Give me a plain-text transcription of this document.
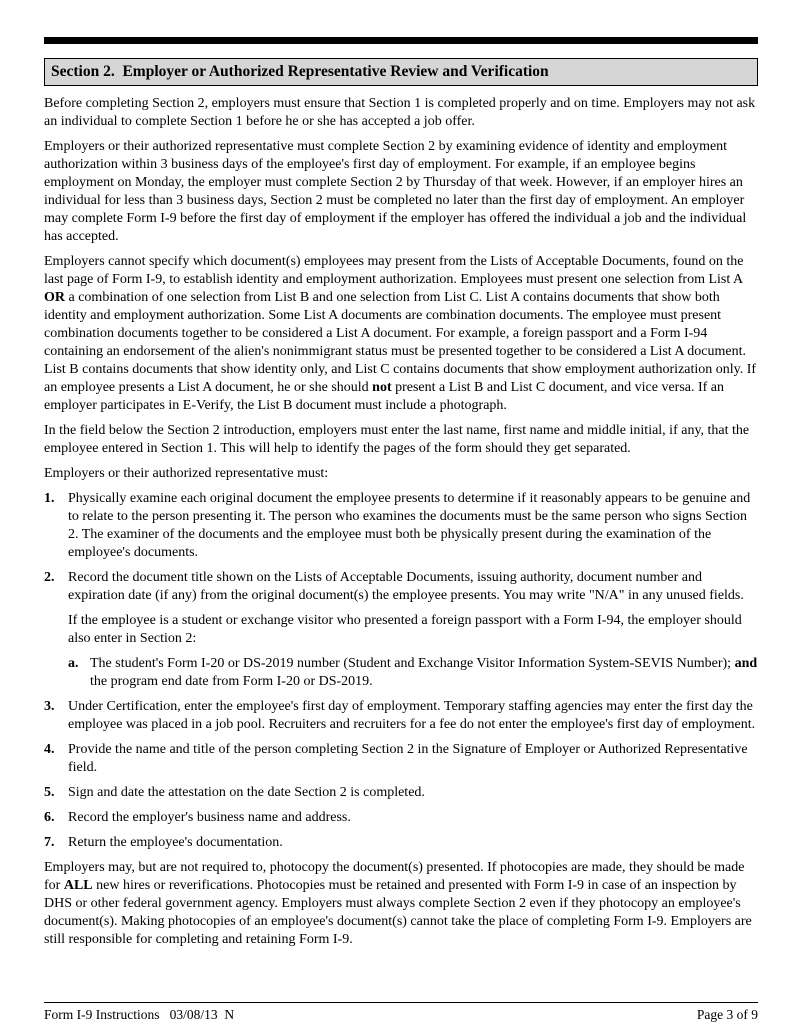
Section 2.  Employer or Authorized Representative Review and Verification

Before completing Section 2, employers must ensure that Section 1 is completed properly and on time. Employers may not ask an individual to complete Section 1 before he or she has accepted a job offer.

Employers or their authorized representative must complete Section 2 by examining evidence of identity and employment authorization within 3 business days of the employee's first day of employment. For example, if an employee begins employment on Monday, the employer must complete Section 2 by Thursday of that week. However, if an employer hires an individual for less than 3 business days, Section 2 must be completed no later than the first day of employment. An employer may complete Form I-9 before the first day of employment if the employer has offered the individual a job and the individual has accepted.

Employers cannot specify which document(s) employees may present from the Lists of Acceptable Documents, found on the last page of Form I-9, to establish identity and employment authorization. Employees must present one selection from List A OR a combination of one selection from List B and one selection from List C. List A contains documents that show both identity and employment authorization. Some List A documents are combination documents. The employee must present combination documents together to be considered a List A document. For example, a foreign passport and a Form I-94 containing an endorsement of the alien's nonimmigrant status must be presented together to be considered a List A document. List B contains documents that show identity only, and List C contains documents that show employment authorization only. If an employee presents a List A document, he or she should not present a List B and List C document, and vice versa. If an employer participates in E-Verify, the List B document must include a photograph.

In the field below the Section 2 introduction, employers must enter the last name, first name and middle initial, if any, that the employee entered in Section 1. This will help to identify the pages of the form should they get separated.

Employers or their authorized representative must:

1. Physically examine each original document the employee presents to determine if it reasonably appears to be genuine and to relate to the person presenting it. The person who examines the documents must be the same person who signs Section 2. The examiner of the documents and the employee must both be physically present during the examination of the employee's documents.
2. Record the document title shown on the Lists of Acceptable Documents, issuing authority, document number and expiration date (if any) from the original document(s) the employee presents. You may write "N/A" in any unused fields.

If the employee is a student or exchange visitor who presented a foreign passport with a Form I-94, the employer should also enter in Section 2:

a. The student's Form I-20 or DS-2019 number (Student and Exchange Visitor Information System-SEVIS Number); and the program end date from Form I-20 or DS-2019.
3. Under Certification, enter the employee's first day of employment. Temporary staffing agencies may enter the first day the employee was placed in a job pool. Recruiters and recruiters for a fee do not enter the employee's first day of employment.
4. Provide the name and title of the person completing Section 2 in the Signature of Employer or Authorized Representative field.
5. Sign and date the attestation on the date Section 2 is completed.
6. Record the employer's business name and address.
7. Return the employee's documentation.

Employers may, but are not required to, photocopy the document(s) presented. If photocopies are made, they should be made for ALL new hires or reverifications. Photocopies must be retained and presented with Form I-9 in case of an inspection by DHS or other federal government agency. Employers must always complete Section 2 even if they photocopy an employee's document(s). Making photocopies of an employee's document(s) cannot take the place of completing Form I-9. Employers are still responsible for completing and retaining Form I-9.

Form I-9 Instructions   03/08/13  N	Page 3 of 9
